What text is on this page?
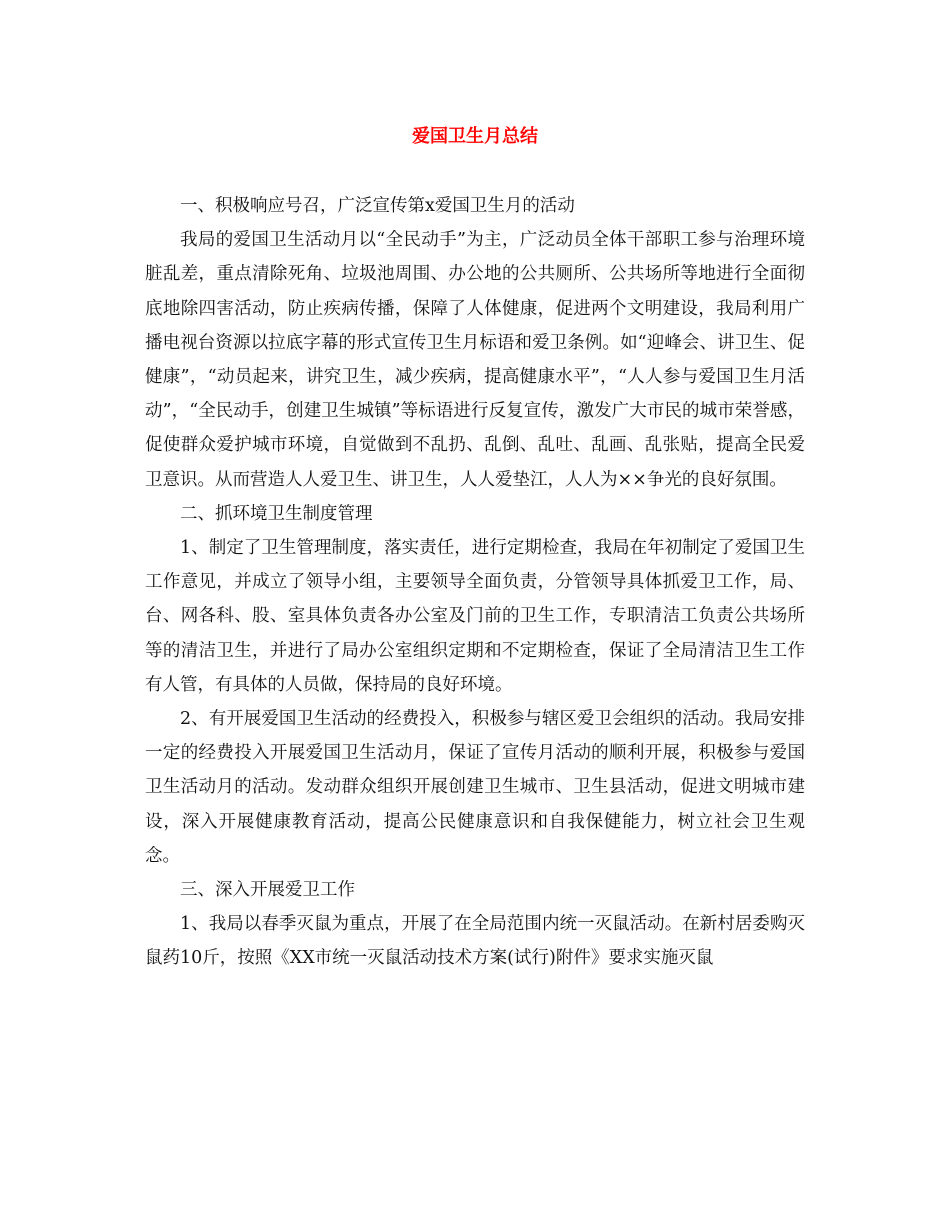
爱国卫生月总结

一、积极响应号召，广泛宣传第x爱国卫生月的活动

我局的爱国卫生活动月以“全民动手”为主，广泛动员全体干部职工参与治理环境脏乱差，重点清除死角、垃圾池周围、办公地的公共厕所、公共场所等地进行全面彻底地除四害活动，防止疾病传播，保障了人体健康，促进两个文明建设，我局利用广播电视台资源以拉底字幕的形式宣传卫生月标语和爱卫条例。如“迎峰会、讲卫生、促健康”，“动员起来，讲究卫生，减少疾病，提高健康水平”，“人人参与爱国卫生月活动”，“全民动手，创建卫生城镇”等标语进行反复宣传，激发广大市民的城市荣誉感，促使群众爱护城市环境，自觉做到不乱扔、乱倒、乱吐、乱画、乱张贴，提高全民爱卫意识。从而营造人人爱卫生、讲卫生，人人爱垫江，人人为××争光的良好氛围。

二、抓环境卫生制度管理

1、制定了卫生管理制度，落实责任，进行定期检查，我局在年初制定了爱国卫生工作意见，并成立了领导小组，主要领导全面负责，分管领导具体抓爱卫工作，局、台、网各科、股、室具体负责各办公室及门前的卫生工作，专职清洁工负责公共场所等的清洁卫生，并进行了局办公室组织定期和不定期检查，保证了全局清洁卫生工作有人管，有具体的人员做，保持局的良好环境。

2、有开展爱国卫生活动的经费投入，积极参与辖区爱卫会组织的活动。我局安排一定的经费投入开展爱国卫生活动月，保证了宣传月活动的顺利开展，积极参与爱国卫生活动月的活动。发动群众组织开展创建卫生城市、卫生县活动，促进文明城市建设，深入开展健康教育活动，提高公民健康意识和自我保健能力，树立社会卫生观念。

三、深入开展爱卫工作

1、我局以春季灭鼠为重点，开展了在全局范围内统一灭鼠活动。在新村居委购灭鼠药10斤，按照《XX市统一灭鼠活动技术方案(试行)附件》要求实施灭鼠
